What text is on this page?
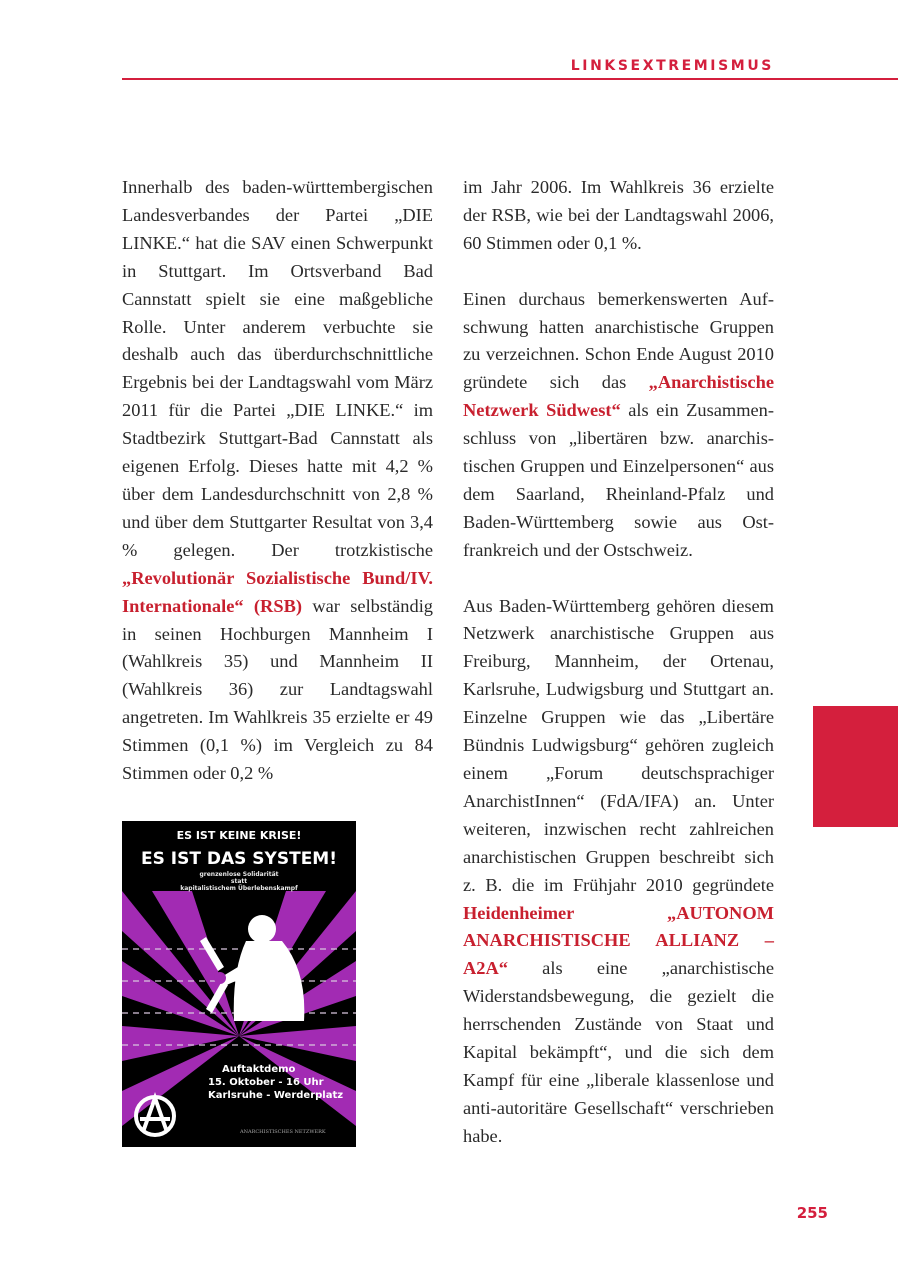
LINKSEXTREMISMUS

Innerhalb des baden-württembergischen Landesverbandes der Partei „DIE LINKE.“ hat die SAV einen Schwerpunkt in Stuttgart. Im Ortsverband Bad Cannstatt spielt sie eine maßgebliche Rolle. Unter anderem verbuchte sie deshalb auch das überdurchschnittliche Ergebnis bei der Landtagswahl vom März 2011 für die Partei „DIE LINKE.“ im Stadtbezirk Stuttgart-Bad Cannstatt als eigenen Erfolg. Dieses hatte mit 4,2 % über dem Landesdurchschnitt von 2,8 % und über dem Stuttgarter Resultat von 3,4 % gelegen. Der trotzkistische „Revolutionär Sozialistische Bund/IV. Internationale“ (RSB) war selbständig in seinen Hochburgen Mannheim I (Wahlkreis 35) und Mannheim II (Wahlkreis 36) zur Landtagswahl angetreten. Im Wahlkreis 35 erzielte er 49 Stimmen (0,1 %) im Vergleich zu 84 Stimmen oder 0,2 %

im Jahr 2006. Im Wahlkreis 36 erzielte der RSB, wie bei der Landtagswahl 2006, 60 Stimmen oder 0,1 %.

Einen durchaus bemerkenswerten Aufschwung hatten anarchistische Gruppen zu verzeichnen. Schon Ende August 2010 gründete sich das „Anarchistische Netzwerk Südwest“ als ein Zusammenschluss von „libertären bzw. anarchistischen Gruppen und Einzelpersonen“ aus dem Saarland, Rheinland-Pfalz und Baden-Württemberg sowie aus Ostfrankreich und der Ostschweiz.

Aus Baden-Württemberg gehören diesem Netzwerk anarchistische Gruppen aus Freiburg, Mannheim, der Ortenau, Karlsruhe, Ludwigsburg und Stuttgart an. Einzelne Gruppen wie das „Libertäre Bündnis Ludwigsburg“ gehören zugleich einem „Forum deutschsprachiger AnarchistInnen“ (FdA/IFA) an. Unter weiteren, inzwischen recht zahlreichen anarchistischen Gruppen beschreibt sich z. B. die im Frühjahr 2010 gegründete Heidenheimer „AUTONOM ANARCHISTISCHE ALLIANZ – A2A“ als eine „anarchistische Widerstandsbewegung, die gezielt die herrschenden Zustände von Staat und Kapital bekämpft“, und die sich dem Kampf für eine „liberale klassenlose und anti-autoritäre Gesellschaft“ verschrieben habe.

ES IST KEINE KRISE!
ES IST DAS SYSTEM!
grenzenlose Solidarität
statt
kapitalistischem Überlebenskampf
Auftaktdemo
15. Oktober - 16 Uhr
Karlsruhe - Werderplatz
ANARCHISTISCHES NETZWERK
255
